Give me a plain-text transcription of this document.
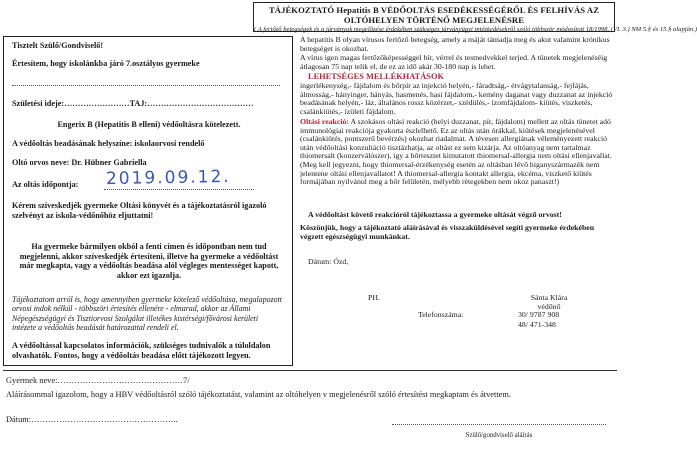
TÁJÉKOZTATÓ Hepatitis B VÉDŐOLTÁS ESEDÉKESSÉGÉRŐL ÉS FELHÍVÁS AZ OLTÓHELYEN TÖRTÉNŐ MEGJELENÉSRE
( A fertőző betegségek és a járványok megelőzése érdekében szükséges járványügyi intézkedésekről szóló többször módosított 18/1998. (VI. 3.) NM 5.§ és 15.§ alapján.)
Tisztelt Szülő/Gondviselő!
Értesítem, hogy iskolánkba járó 7.osztályos gyermeke
Születési ideje:……………………TAJ:…………………………………
Engerix B (Hepatitis B elleni) védőoltásra kötelezett.
A védőoltás beadásának helyszíne: iskolaorvosi rendelő
Oltó orvos neve: Dr. Hübner Gabriella
Az oltás időpontja: 2019.09.12.
Kérem szíveskedjék gyermeke Oltási könyvét és a tájékoztatásról igazoló szelvényt az iskola-védőnőhöz eljuttatni!
Ha gyermeke bármilyen okból a fenti címen és időpontban nem tud megjelenni, akkor szíveskedjék értesíteni, illetve ha gyermeke a védőoltást már megkapta, vagy a védőoltás beadása alól végleges mentességet kapott, akkor ezt igazolja.
Tájékoztatom arról is, hogy amennyiben gyermeke kötelező védőoltása, megalapozott orvosi indok nélkül - többszöri értesítés ellenére - elmarad, akkor az Állami Népegészségügyi és Tisztiorvosi Szolgálat illetékes kistérségi/fővárosi kerületi intézete a védőoltás beadását határozattal rendeli el.
A védőoltással kapcsolatos információk, szükséges tudnivalók a túloldalon olvashatók. Fontos, hogy a védőoltás beadása előtt tájékozott legyen.
A hepatitis B olyan vírusos fertőző betegség, amely a máját támadja meg és akut valamint krónikus betegséget is okozhat.
A vírus igen magas fertőzőképességgel bír, vérrel és testnedvekkel terjed. A tünetek megjelenéséig átlagosan 75 nap telik el, de ez az idő akár 30-180 nap is lehet.
LEHETSÉGES MELLÉKHATÁSOK
ingerlékenység,- fájdalom és bőrpír az injekció helyén,- fáradtság,- étvágytalanság,- fejfájás, álmosság,- hányinger, hányás, hasmenés, hasi fájdalom,- kemény daganat vagy duzzanat az injekció beadásának helyén,- láz, általános rossz közérzet,- szédülés,- izomfájdalom- kiütés, viszketés, csalánkiütés,- ízületi fájdalom.
Oltási reakció: A szokásos oltási reakció (helyi duzzanat, pír, fájdalom) mellett az oltás tünetet adó immunológiai reakciója gyakorta észlelhető. Ez az oltás után órákkal, kiütések megjelenésével (csalánkiütés, pontszerű bevérzés) okozhat riadalmat. A tévesen allergiának véleményezett reakció után védőoltási konzultáció tisztázhatja, az oltást ez sem kizárja. Az oltóanyag nem tartalmaz thiomersalt (konzerválószer), így a bőrtesztet kimutatott thiomersal-allergia nem oltási ellenjavallat. (Meg kell jegyezni, hogy thiomersal-érzékenység esetén az oltásban lévő higanyszármazék nem jelentene oltási ellenjavallatot! A thiomersal-allergia kontakt allergia, ekcéma, viszkető kiütés formájában nyilvánul meg a bőr felületén, mélyebb rétegekben nem okoz panaszt!)
A védőoltást követő reakcióról tájékoztassa a gyermeke oltását végző orvost!
Köszönjük, hogy a tájékoztató aláírásával és visszaküldésével segíti gyermeke érdekében végzett egészségügyi munkánkat.
Dátum: Ózd,
PH.	Sánta Klára
védőnő
Telefonszáma:	30/ 9787 908
48/ 471-348
Gyermek neve:………………………………………7/
Aláírásommal igazolom, hogy a HBV védőoltásról szóló tájékoztatást, valamint az oltóhelyen v megjelenésről szóló értesítést megkaptam és átvettem.
Dátum:……………………………………………..
Szülő/gondviselő aláírás
